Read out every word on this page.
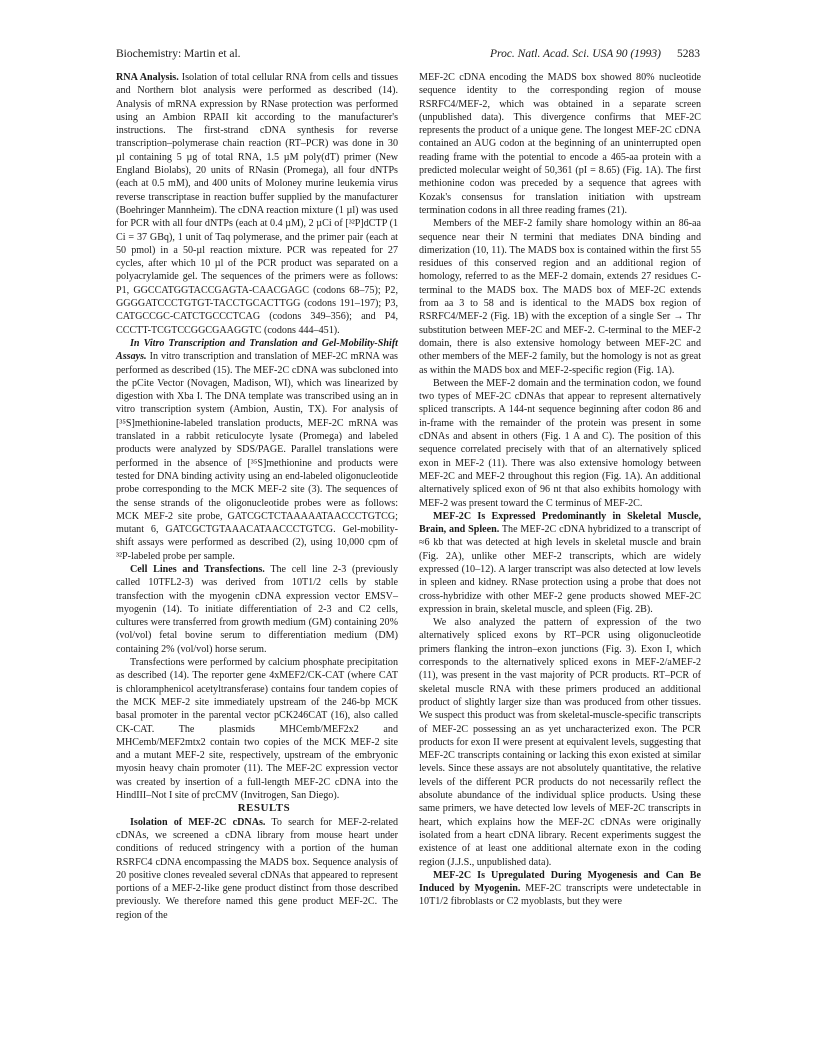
Biochemistry: Martin et al.	Proc. Natl. Acad. Sci. USA 90 (1993) 5283

RNA Analysis. Isolation of total cellular RNA from cells and tissues and Northern blot analysis were performed as described (14). Analysis of mRNA expression by RNase protection was performed using an Ambion RPAII kit according to the manufacturer's instructions. The first-strand cDNA synthesis for reverse transcription–polymerase chain reaction (RT–PCR) was done in 30 µl containing 5 µg of total RNA, 1.5 µM poly(dT) primer (New England Biolabs), 20 units of RNasin (Promega), all four dNTPs (each at 0.5 mM), and 400 units of Moloney murine leukemia virus reverse transcriptase in reaction buffer supplied by the manufacturer (Boehringer Mannheim). The cDNA reaction mixture (1 µl) was used for PCR with all four dNTPs (each at 0.4 µM), 2 µCi of [³²P]dCTP (1 Ci = 37 GBq), 1 unit of Taq polymerase, and the primer pair (each at 50 pmol) in a 50-µl reaction mixture. PCR was repeated for 27 cycles, after which 10 µl of the PCR product was separated on a polyacrylamide gel. The sequences of the primers were as follows: P1, GGCCATGGTACCGAGTA-CAACGAGC (codons 68–75); P2, GGGGATCCCTGTGT-TACCTGCACTTGG (codons 191–197); P3, CATGCCGC-CATCTGCCCTCAG (codons 349–356); and P4, CCCTT-TCGTCCGGCGAAGGTC (codons 444–451).

In Vitro Transcription and Translation and Gel-Mobility-Shift Assays. In vitro transcription and translation of MEF-2C mRNA was performed as described (15). The MEF-2C cDNA was subcloned into the pCite Vector (Novagen, Madison, WI), which was linearized by digestion with Xba I. The DNA template was transcribed using an in vitro transcription system (Ambion, Austin, TX). For analysis of [³⁵S]methionine-labeled translation products, MEF-2C mRNA was translated in a rabbit reticulocyte lysate (Promega) and labeled products were analyzed by SDS/PAGE. Parallel translations were performed in the absence of [³⁵S]methionine and products were tested for DNA binding activity using an end-labeled oligonucleotide probe corresponding to the MCK MEF-2 site (3). The sequences of the sense strands of the oligonucleotide probes were as follows: MCK MEF-2 site probe, GATCGCTCTAAAAATAACCCTGTCG; mutant 6, GATCGCTGTAAACATAACCCTGTCG. Gel-mobility-shift assays were performed as described (2), using 10,000 cpm of ³²P-labeled probe per sample.

Cell Lines and Transfections. The cell line 2-3 (previously called 10TFL2-3) was derived from 10T1/2 cells by stable transfection with the myogenin cDNA expression vector EMSV–myogenin (14). To initiate differentiation of 2-3 and C2 cells, cultures were transferred from growth medium (GM) containing 20% (vol/vol) fetal bovine serum to differentiation medium (DM) containing 2% (vol/vol) horse serum.

Transfections were performed by calcium phosphate precipitation as described (14). The reporter gene 4xMEF2/CK-CAT (where CAT is chloramphenicol acetyltransferase) contains four tandem copies of the MCK MEF-2 site immediately upstream of the 246-bp MCK basal promoter in the parental vector pCK246CAT (16), also called CK-CAT. The plasmids MHCemb/MEF2x2 and MHCemb/MEF2mtx2 contain two copies of the MCK MEF-2 site and a mutant MEF-2 site, respectively, upstream of the embryonic myosin heavy chain promoter (11). The MEF-2C expression vector was created by insertion of a full-length MEF-2C cDNA into the HindIII–Not I site of prcCMV (Invitrogen, San Diego).

RESULTS

Isolation of MEF-2C cDNAs. To search for MEF-2-related cDNAs, we screened a cDNA library from mouse heart under conditions of reduced stringency with a portion of the human RSRFC4 cDNA encompassing the MADS box. Sequence analysis of 20 positive clones revealed several cDNAs that appeared to represent portions of a MEF-2-like gene product distinct from those described previously. We therefore named this gene product MEF-2C. The region of the

MEF-2C cDNA encoding the MADS box showed 80% nucleotide sequence identity to the corresponding region of mouse RSRFC4/MEF-2, which was obtained in a separate screen (unpublished data). This divergence confirms that MEF-2C represents the product of a unique gene. The longest MEF-2C cDNA contained an AUG codon at the beginning of an uninterrupted open reading frame with the potential to encode a 465-aa protein with a predicted molecular weight of 50,361 (pI = 8.65) (Fig. 1A). The first methionine codon was preceded by a sequence that agrees with Kozak's consensus for translation initiation with upstream termination codons in all three reading frames (21).

Members of the MEF-2 family share homology within an 86-aa sequence near their N termini that mediates DNA binding and dimerization (10, 11). The MADS box is contained within the first 55 residues of this conserved region and an additional region of homology, referred to as the MEF-2 domain, extends 27 residues C-terminal to the MADS box. The MADS box of MEF-2C extends from aa 3 to 58 and is identical to the MADS box region of RSRFC4/MEF-2 (Fig. 1B) with the exception of a single Ser → Thr substitution between MEF-2C and MEF-2. C-terminal to the MEF-2 domain, there is also extensive homology between MEF-2C and other members of the MEF-2 family, but the homology is not as great as within the MADS box and MEF-2-specific region (Fig. 1A).

Between the MEF-2 domain and the termination codon, we found two types of MEF-2C cDNAs that appear to represent alternatively spliced transcripts. A 144-nt sequence beginning after codon 86 and in-frame with the remainder of the protein was present in some cDNAs and absent in others (Fig. 1 A and C). The position of this sequence correlated precisely with that of an alternatively spliced exon in MEF-2 (11). There was also extensive homology between MEF-2C and MEF-2 throughout this region (Fig. 1A). An additional alternatively spliced exon of 96 nt that also exhibits homology with MEF-2 was present toward the C terminus of MEF-2C.

MEF-2C Is Expressed Predominantly in Skeletal Muscle, Brain, and Spleen. The MEF-2C cDNA hybridized to a transcript of ≈6 kb that was detected at high levels in skeletal muscle and brain (Fig. 2A), unlike other MEF-2 transcripts, which are widely expressed (10–12). A larger transcript was also detected at low levels in spleen and kidney. RNase protection using a probe that does not cross-hybridize with other MEF-2 gene products showed MEF-2C expression in brain, skeletal muscle, and spleen (Fig. 2B).

We also analyzed the pattern of expression of the two alternatively spliced exons by RT–PCR using oligonucleotide primers flanking the intron–exon junctions (Fig. 3). Exon I, which corresponds to the alternatively spliced exons in MEF-2/aMEF-2 (11), was present in the vast majority of PCR products. RT–PCR of skeletal muscle RNA with these primers produced an additional product of slightly larger size than was produced from other tissues. We suspect this product was from skeletal-muscle-specific transcripts of MEF-2C possessing an as yet uncharacterized exon. The PCR products for exon II were present at equivalent levels, suggesting that MEF-2C transcripts containing or lacking this exon existed at similar levels. Since these assays are not absolutely quantitative, the relative levels of the different PCR products do not necessarily reflect the absolute abundance of the individual splice products. Using these same primers, we have detected low levels of MEF-2C transcripts in heart, which explains how the MEF-2C cDNAs were originally isolated from a heart cDNA library. Recent experiments suggest the existence of at least one additional alternate exon in the coding region (J.J.S., unpublished data).

MEF-2C Is Upregulated During Myogenesis and Can Be Induced by Myogenin. MEF-2C transcripts were undetectable in 10T1/2 fibroblasts or C2 myoblasts, but they were
